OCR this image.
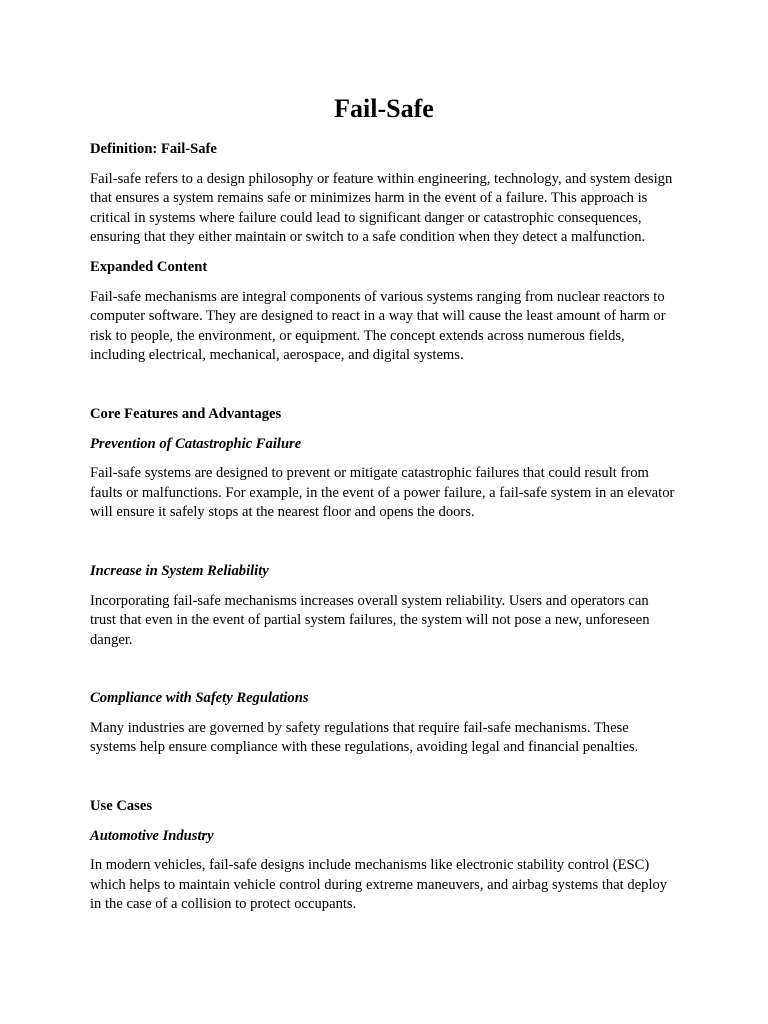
Fail-Safe
Definition: Fail-Safe

Fail-safe refers to a design philosophy or feature within engineering, technology, and system design that ensures a system remains safe or minimizes harm in the event of a failure. This approach is critical in systems where failure could lead to significant danger or catastrophic consequences, ensuring that they either maintain or switch to a safe condition when they detect a malfunction.

Expanded Content

Fail-safe mechanisms are integral components of various systems ranging from nuclear reactors to computer software. They are designed to react in a way that will cause the least amount of harm or risk to people, the environment, or equipment. The concept extends across numerous fields, including electrical, mechanical, aerospace, and digital systems.

Core Features and Advantages
Prevention of Catastrophic Failure

Fail-safe systems are designed to prevent or mitigate catastrophic failures that could result from faults or malfunctions. For example, in the event of a power failure, a fail-safe system in an elevator will ensure it safely stops at the nearest floor and opens the doors.

Increase in System Reliability

Incorporating fail-safe mechanisms increases overall system reliability. Users and operators can trust that even in the event of partial system failures, the system will not pose a new, unforeseen danger.

Compliance with Safety Regulations

Many industries are governed by safety regulations that require fail-safe mechanisms. These systems help ensure compliance with these regulations, avoiding legal and financial penalties.

Use Cases
Automotive Industry

In modern vehicles, fail-safe designs include mechanisms like electronic stability control (ESC) which helps to maintain vehicle control during extreme maneuvers, and airbag systems that deploy in the case of a collision to protect occupants.
